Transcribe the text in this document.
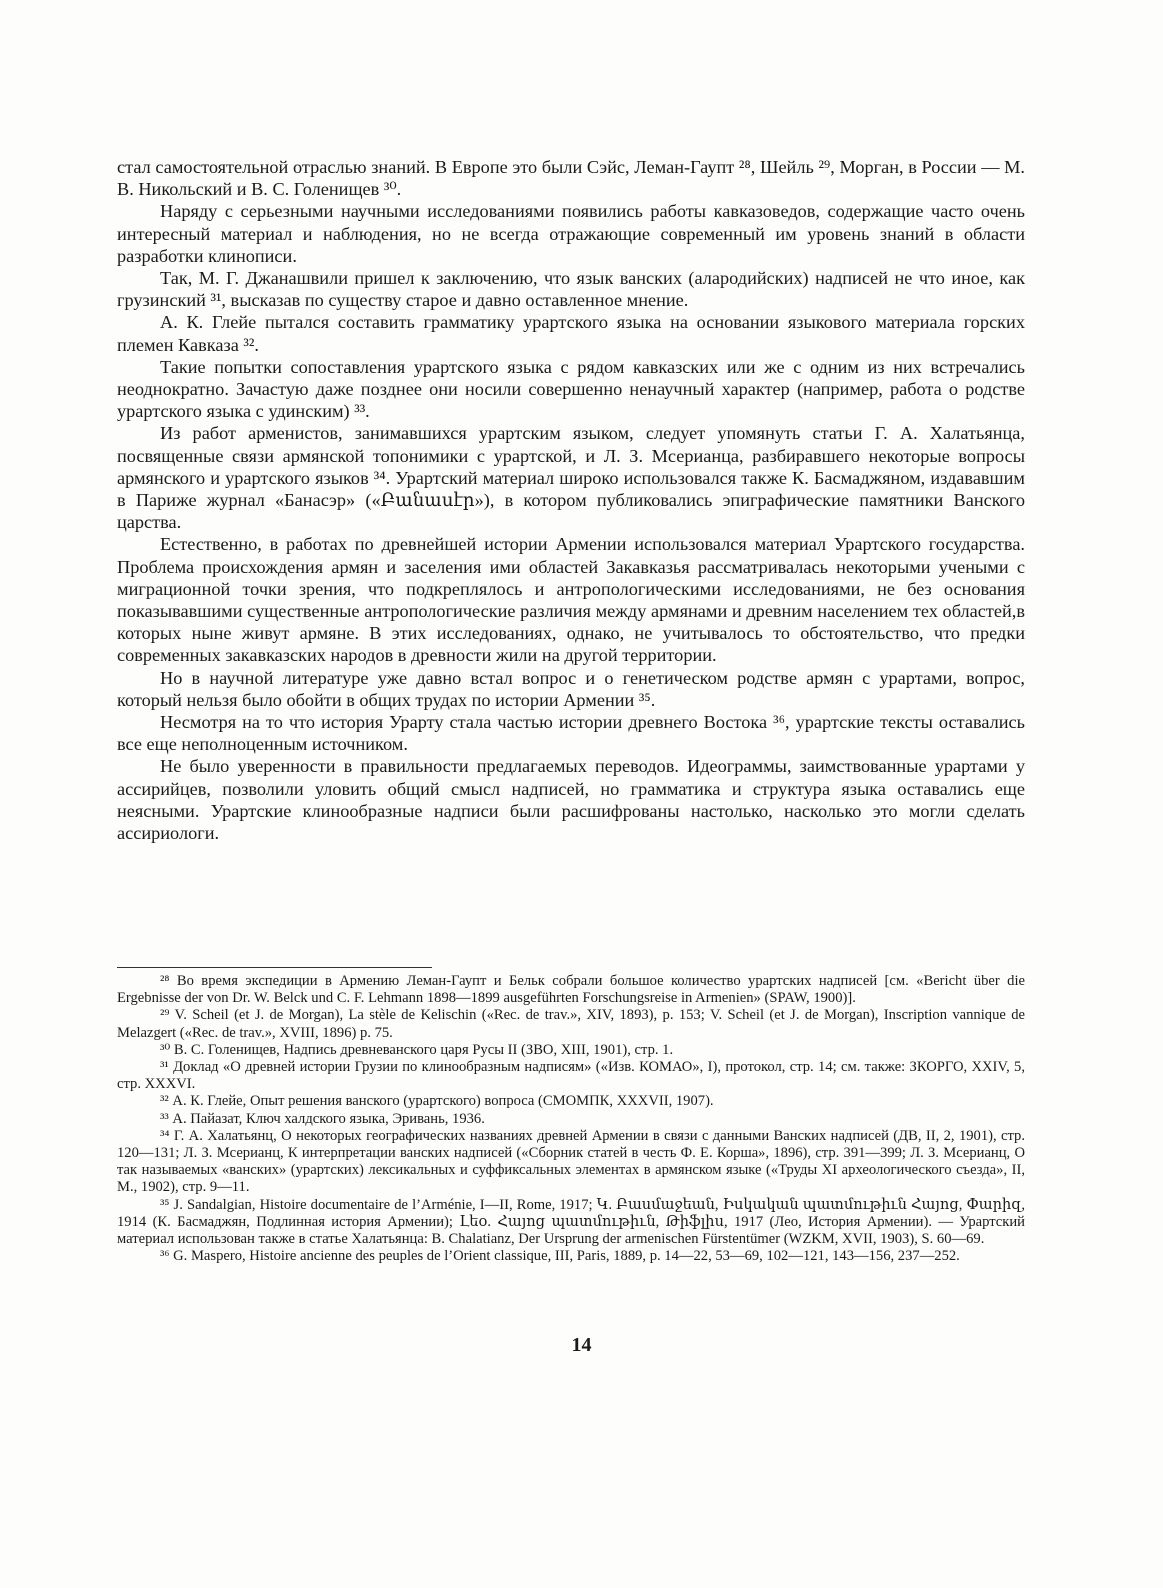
стал самостоятельной отраслью знаний. В Европе это были Сэйс, Леман-Гаупт ²⁸, Шейль ²⁹, Морган, в России — М. В. Никольский и В. С. Голенищев ³⁰.

Наряду с серьезными научными исследованиями появились работы кавказоведов, содержащие часто очень интересный материал и наблюдения, но не всегда отражающие современный им уровень знаний в области разработки клинописи.

Так, М. Г. Джанашвили пришел к заключению, что язык ванских (алародийских) надписей не что иное, как грузинский ³¹, высказав по существу старое и давно оставленное мнение.

А. К. Глейе пытался составить грамматику урартского языка на основании языкового материала горских племен Кавказа ³².

Такие попытки сопоставления урартского языка с рядом кавказских или же с одним из них встречались неоднократно. Зачастую даже позднее они носили совершенно ненаучный характер (например, работа о родстве урартского языка с удинским) ³³.

Из работ арменистов, занимавшихся урартским языком, следует упомянуть статьи Г. А. Халатьянца, посвященные связи армянской топонимики с урартской, и Л. З. Мсерианца, разбиравшего некоторые вопросы армянского и урартского языков ³⁴. Урартский материал широко использовался также К. Басмаджяном, издававшим в Париже журнал «Банасэр» («Բանասէր»), в котором публиковались эпиграфические памятники Ванского царства.

Естественно, в работах по древнейшей истории Армении использовался материал Урартского государства. Проблема происхождения армян и заселения ими областей Закавказья рассматривалась некоторыми учеными с миграционной точки зрения, что подкреплялось и антропологическими исследованиями, не без основания показывавшими существенные антропологические различия между армянами и древним населением тех областей,в которых ныне живут армяне. В этих исследованиях, однако, не учитывалось то обстоятельство, что предки современных закавказских народов в древности жили на другой территории.

Но в научной литературе уже давно встал вопрос и о генетическом родстве армян с урартами, вопрос, который нельзя было обойти в общих трудах по истории Армении ³⁵.

Несмотря на то что история Урарту стала частью истории древнего Востока ³⁶, урартские тексты оставались все еще неполноценным источником.

Не было уверенности в правильности предлагаемых переводов. Идеограммы, заимствованные урартами у ассирийцев, позволили уловить общий смысл надписей, но грамматика и структура языка оставались еще неясными. Урартские клинообразные надписи были расшифрованы настолько, насколько это могли сделать ассириологи.

²⁸ Во время экспедиции в Армению Леман-Гаупт и Бельк собрали большое количество урартских надписей [см. «Bericht über die Ergebnisse der von Dr. W. Belck und C. F. Lehmann 1898—1899 ausgeführten Forschungsreise in Armenien» (SPAW, 1900)].

²⁹ V. Scheil (et J. de Morgan), La stèle de Kelischin («Rec. de trav.», XIV, 1893), p. 153; V. Scheil (et J. de Morgan), Inscription vannique de Melazgert («Rec. de trav.», XVIII, 1896) p. 75.

³⁰ В. С. Голенищев, Надпись древневанского царя Русы II (ЗВО, XIII, 1901), стр. 1.

³¹ Доклад «О древней истории Грузии по клинообразным надписям» («Изв. КОМАО», I), протокол, стр. 14; см. также: ЗКОРГО, XXIV, 5, стр. XXXVI.

³² А. К. Глейе, Опыт решения ванского (урартского) вопроса (СМОМПК, XXXVII, 1907).

³³ А. Пайазат, Ключ халдского языка, Эривань, 1936.

³⁴ Г. А. Халатьянц, О некоторых географических названиях древней Армении в связи с данными Ванских надписей (ДВ, II, 2, 1901), стр. 120—131; Л. З. Мсерианц, К интерпретации ванских надписей («Сборник статей в честь Ф. Е. Корша», 1896), стр. 391—399; Л. З. Мсерианц, О так называемых «ванских» (урартских) лексикальных и суффиксальных элементах в армянском языке («Труды XI археологического съезда», II, М., 1902), стр. 9—11.

³⁵ J. Sandalgian, Histoire documentaire de l’Arménie, I—II, Rome, 1917; Կ. Բասմաջեան, Իսկական պատմութիւն Հայոց, Փարիզ, 1914 (К. Басмаджян, Подлинная история Армении); Լեօ. Հայոց պատմութիւն, Թիֆլիս, 1917 (Лео, История Армении). — Урартский материал использован также в статье Халатьянца: B. Chalatianz, Der Ursprung der armenischen Fürstentümer (WZKM, XVII, 1903), S. 60—69.

³⁶ G. Maspero, Histoire ancienne des peuples de l’Orient classique, III, Paris, 1889, p. 14—22, 53—69, 102—121, 143—156, 237—252.

14
